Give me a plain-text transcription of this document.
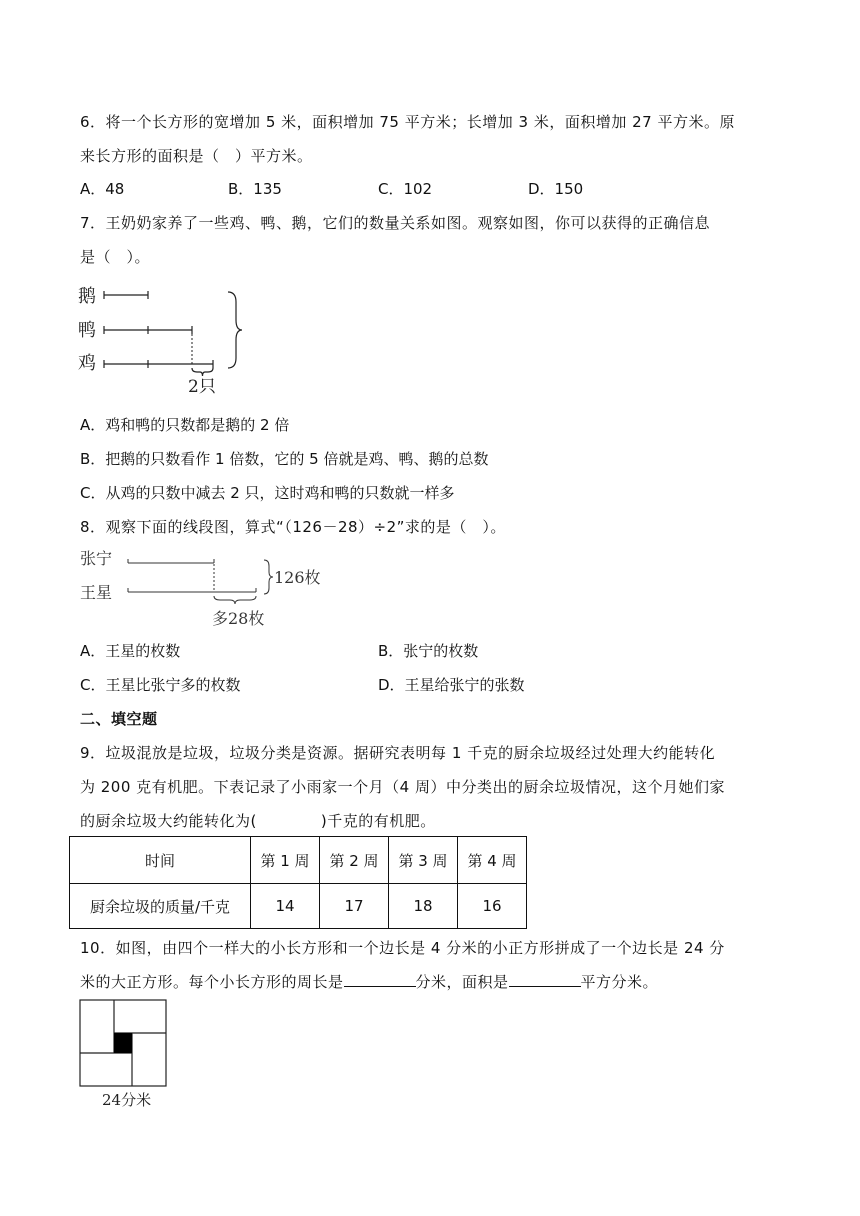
6．将一个长方形的宽增加 5 米，面积增加 75 平方米；长增加 3 米，面积增加 27 平方米。原
来长方形的面积是（　）平方米。
A．48	B．135	C．102	D．150
7．王奶奶家养了一些鸡、鸭、鹅，它们的数量关系如图。观察如图，你可以获得的正确信息
是（　）。
鹅
鸭
鸡
2只
A．鸡和鸭的只数都是鹅的 2 倍
B．把鹅的只数看作 1 倍数，它的 5 倍就是鸡、鸭、鹅的总数
C．从鸡的只数中减去 2 只，这时鸡和鸭的只数就一样多
8．观察下面的线段图，算式“（126－28）÷2”求的是（　）。
张宁
王星
多28枚
126枚
A．王星的枚数	B．张宁的枚数
C．王星比张宁多的枚数	D．王星给张宁的张数
二、填空题
9．垃圾混放是垃圾，垃圾分类是资源。据研究表明每 1 千克的厨余垃圾经过处理大约能转化
为 200 克有机肥。下表记录了小雨家一个月（4 周）中分类出的厨余垃圾情况，这个月她们家
的厨余垃圾大约能转化为(	)千克的有机肥。
时间	第 1 周	第 2 周	第 3 周	第 4 周
厨余垃圾的质量/千克	14	17	18	16
10．如图，由四个一样大的小长方形和一个边长是 4 分米的小正方形拼成了一个边长是 24 分
米的大正方形。每个小长方形的周长是	分米，面积是	平方分米。
24分米
